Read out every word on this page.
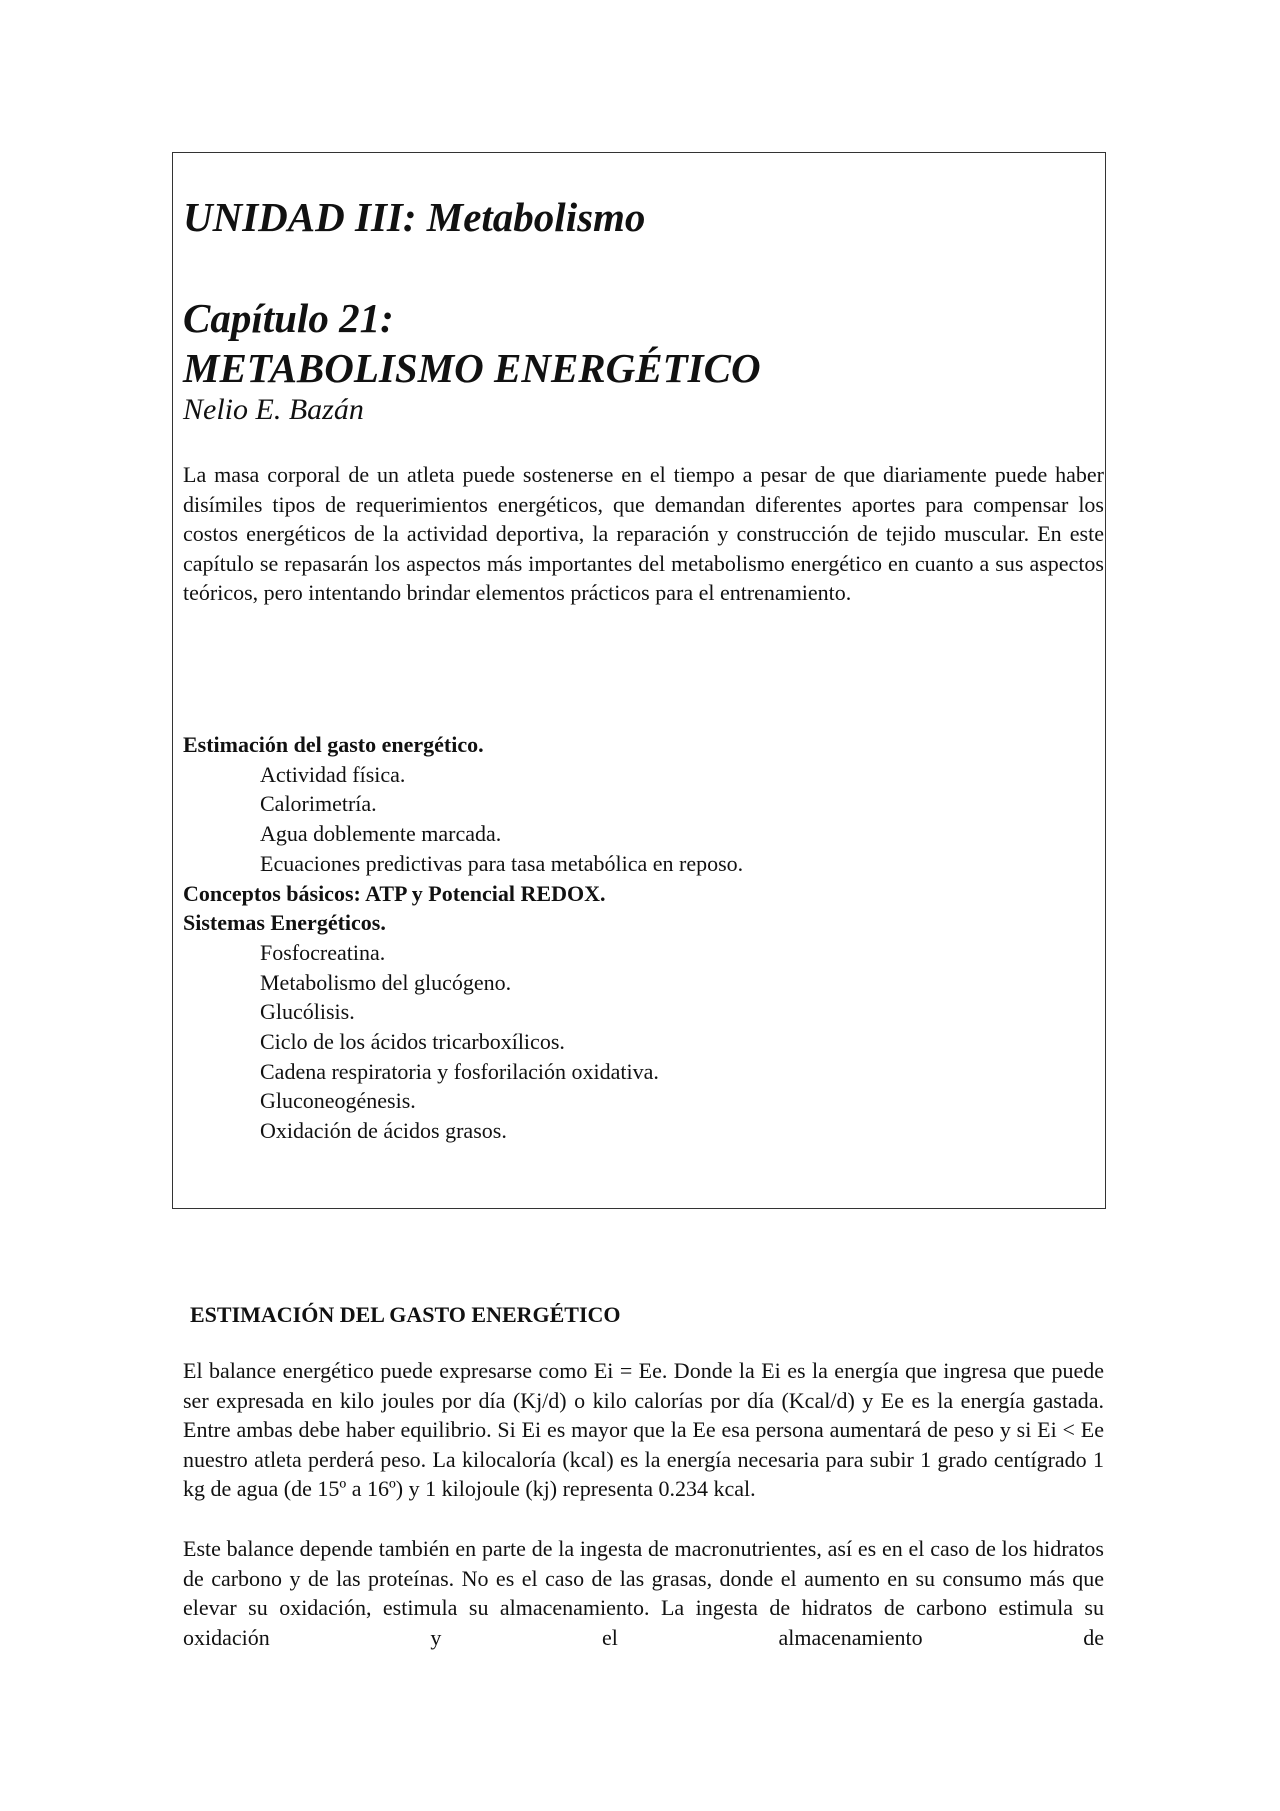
UNIDAD III: Metabolismo
Capítulo 21:
METABOLISMO ENERGÉTICO

Nelio E. Bazán

La masa corporal de un atleta puede sostenerse en el tiempo a pesar de que diariamente puede haber disímiles tipos de requerimientos energéticos, que demandan diferentes aportes para compensar los costos energéticos de la actividad deportiva, la reparación y construcción de tejido muscular. En este capítulo se repasarán los aspectos más importantes del metabolismo energético en cuanto a sus aspectos teóricos, pero intentando brindar elementos prácticos para el entrenamiento.

Estimación del gasto energético.
Actividad física.
Calorimetría.
Agua doblemente marcada.
Ecuaciones predictivas para tasa metabólica en reposo.
Conceptos básicos: ATP y Potencial REDOX.
Sistemas Energéticos.
Fosfocreatina.
Metabolismo del glucógeno.
Glucólisis.
Ciclo de los ácidos tricarboxílicos.
Cadena respiratoria y fosforilación oxidativa.
Gluconeogénesis.
Oxidación de ácidos grasos.
ESTIMACIÓN DEL GASTO ENERGÉTICO

El balance energético puede expresarse como Ei = Ee. Donde la Ei es la energía que ingresa que puede ser expresada en kilo joules por día (Kj/d) o kilo calorías por día (Kcal/d) y Ee es la energía gastada. Entre ambas debe haber equilibrio. Si Ei es mayor que la Ee esa persona aumentará de peso y si Ei < Ee nuestro atleta perderá peso. La kilocaloría (kcal) es la energía necesaria para subir 1 grado centígrado 1 kg de agua (de 15º a 16º) y 1 kilojoule (kj) representa 0.234 kcal.

Este balance depende también en parte de la ingesta de macronutrientes, así es en el caso de los hidratos de carbono y de las proteínas. No es el caso de las grasas, donde el aumento en su consumo más que elevar su oxidación, estimula su almacenamiento. La ingesta de hidratos de carbono estimula su oxidación y el almacenamiento de
